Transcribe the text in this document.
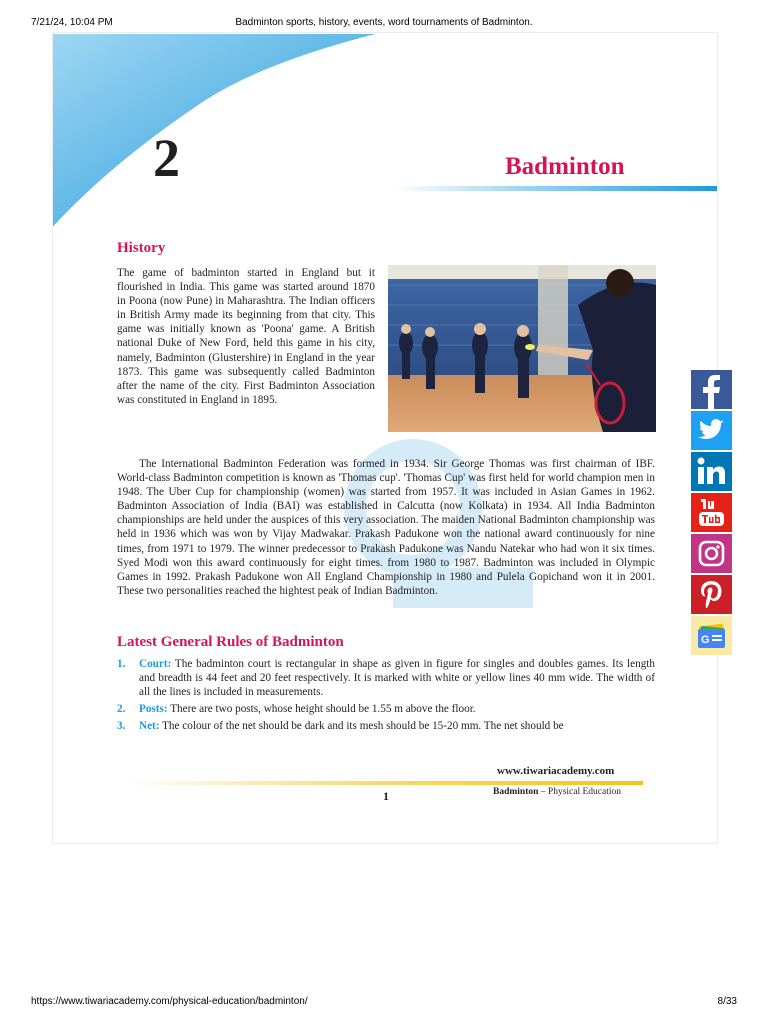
7/21/24, 10:04 PM	Badminton sports, history, events, word tournaments of Badminton.
2	Badminton
History

The game of badminton started in England but it flourished in India. This game was started around 1870 in Poona (now Pune) in Maharashtra. The Indian officers in British Army made its beginning from that city. This game was initially known as 'Poona' game. A British national Duke of New Ford, held this game in his city, namely, Badminton (Glustershire) in England in the year 1873. This game was subsequently called Badminton after the name of the city. First Badminton Association was constituted in England in 1895.

The International Badminton Federation was formed in 1934. Sir George Thomas was first chairman of IBF. World-class Badminton competition is known as 'Thomas cup'. 'Thomas Cup' was first held for world champion men in 1948. The Uber Cup for championship (women) was started from 1957. It was included in Asian Games in 1962. Badminton Association of India (BAI) was established in Calcutta (now Kolkata) in 1934. All India Badminton championships are held under the auspices of this very association. The maiden National Badminton championship was held in 1936 which was won by Vijay Madwakar. Prakash Padukone won the national award continuously for nine times, from 1971 to 1979. The winner predecessor to Prakash Padukone was Nandu Natekar who had won it six times. Syed Modi won this award continuously for eight times. from 1980 to 1987. Badminton was included in Olympic Games in 1992. Prakash Padukone won All England Championship in 1980 and Pulela Gopichand won it in 2001. These two personalities reached the hightest peak of Indian Badminton.

Latest General Rules of Badminton
1. Court: The badminton court is rectangular in shape as given in figure for singles and doubles games. Its length and breadth is 44 feet and 20 feet respectively. It is marked with white or yellow lines 40 mm wide. The width of all the lines is included in measurements.
2. Posts: There are two posts, whose height should be 1.55 m above the floor.
3. Net: The colour of the net should be dark and its mesh should be 15-20 mm. The net should be
www.tiwariacademy.com
1	Badminton – Physical Education
G
https://www.tiwariacademy.com/physical-education/badminton/	8/33
